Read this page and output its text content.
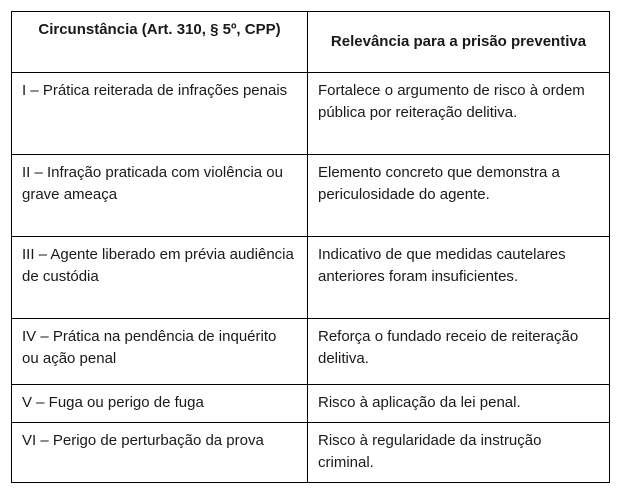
Circunstância (Art. 310, § 5º, CPP)	Relevância para a prisão preventiva
I – Prática reiterada de infrações penais	Fortalece o argumento de risco à ordem pública por reiteração delitiva.
II – Infração praticada com violência ou grave ameaça	Elemento concreto que demonstra a periculosidade do agente.
III – Agente liberado em prévia audiência de custódia	Indicativo de que medidas cautelares anteriores foram insuficientes.
IV – Prática na pendência de inquérito ou ação penal	Reforça o fundado receio de reiteração delitiva.
V – Fuga ou perigo de fuga	Risco à aplicação da lei penal.
VI – Perigo de perturbação da prova	Risco à regularidade da instrução criminal.
